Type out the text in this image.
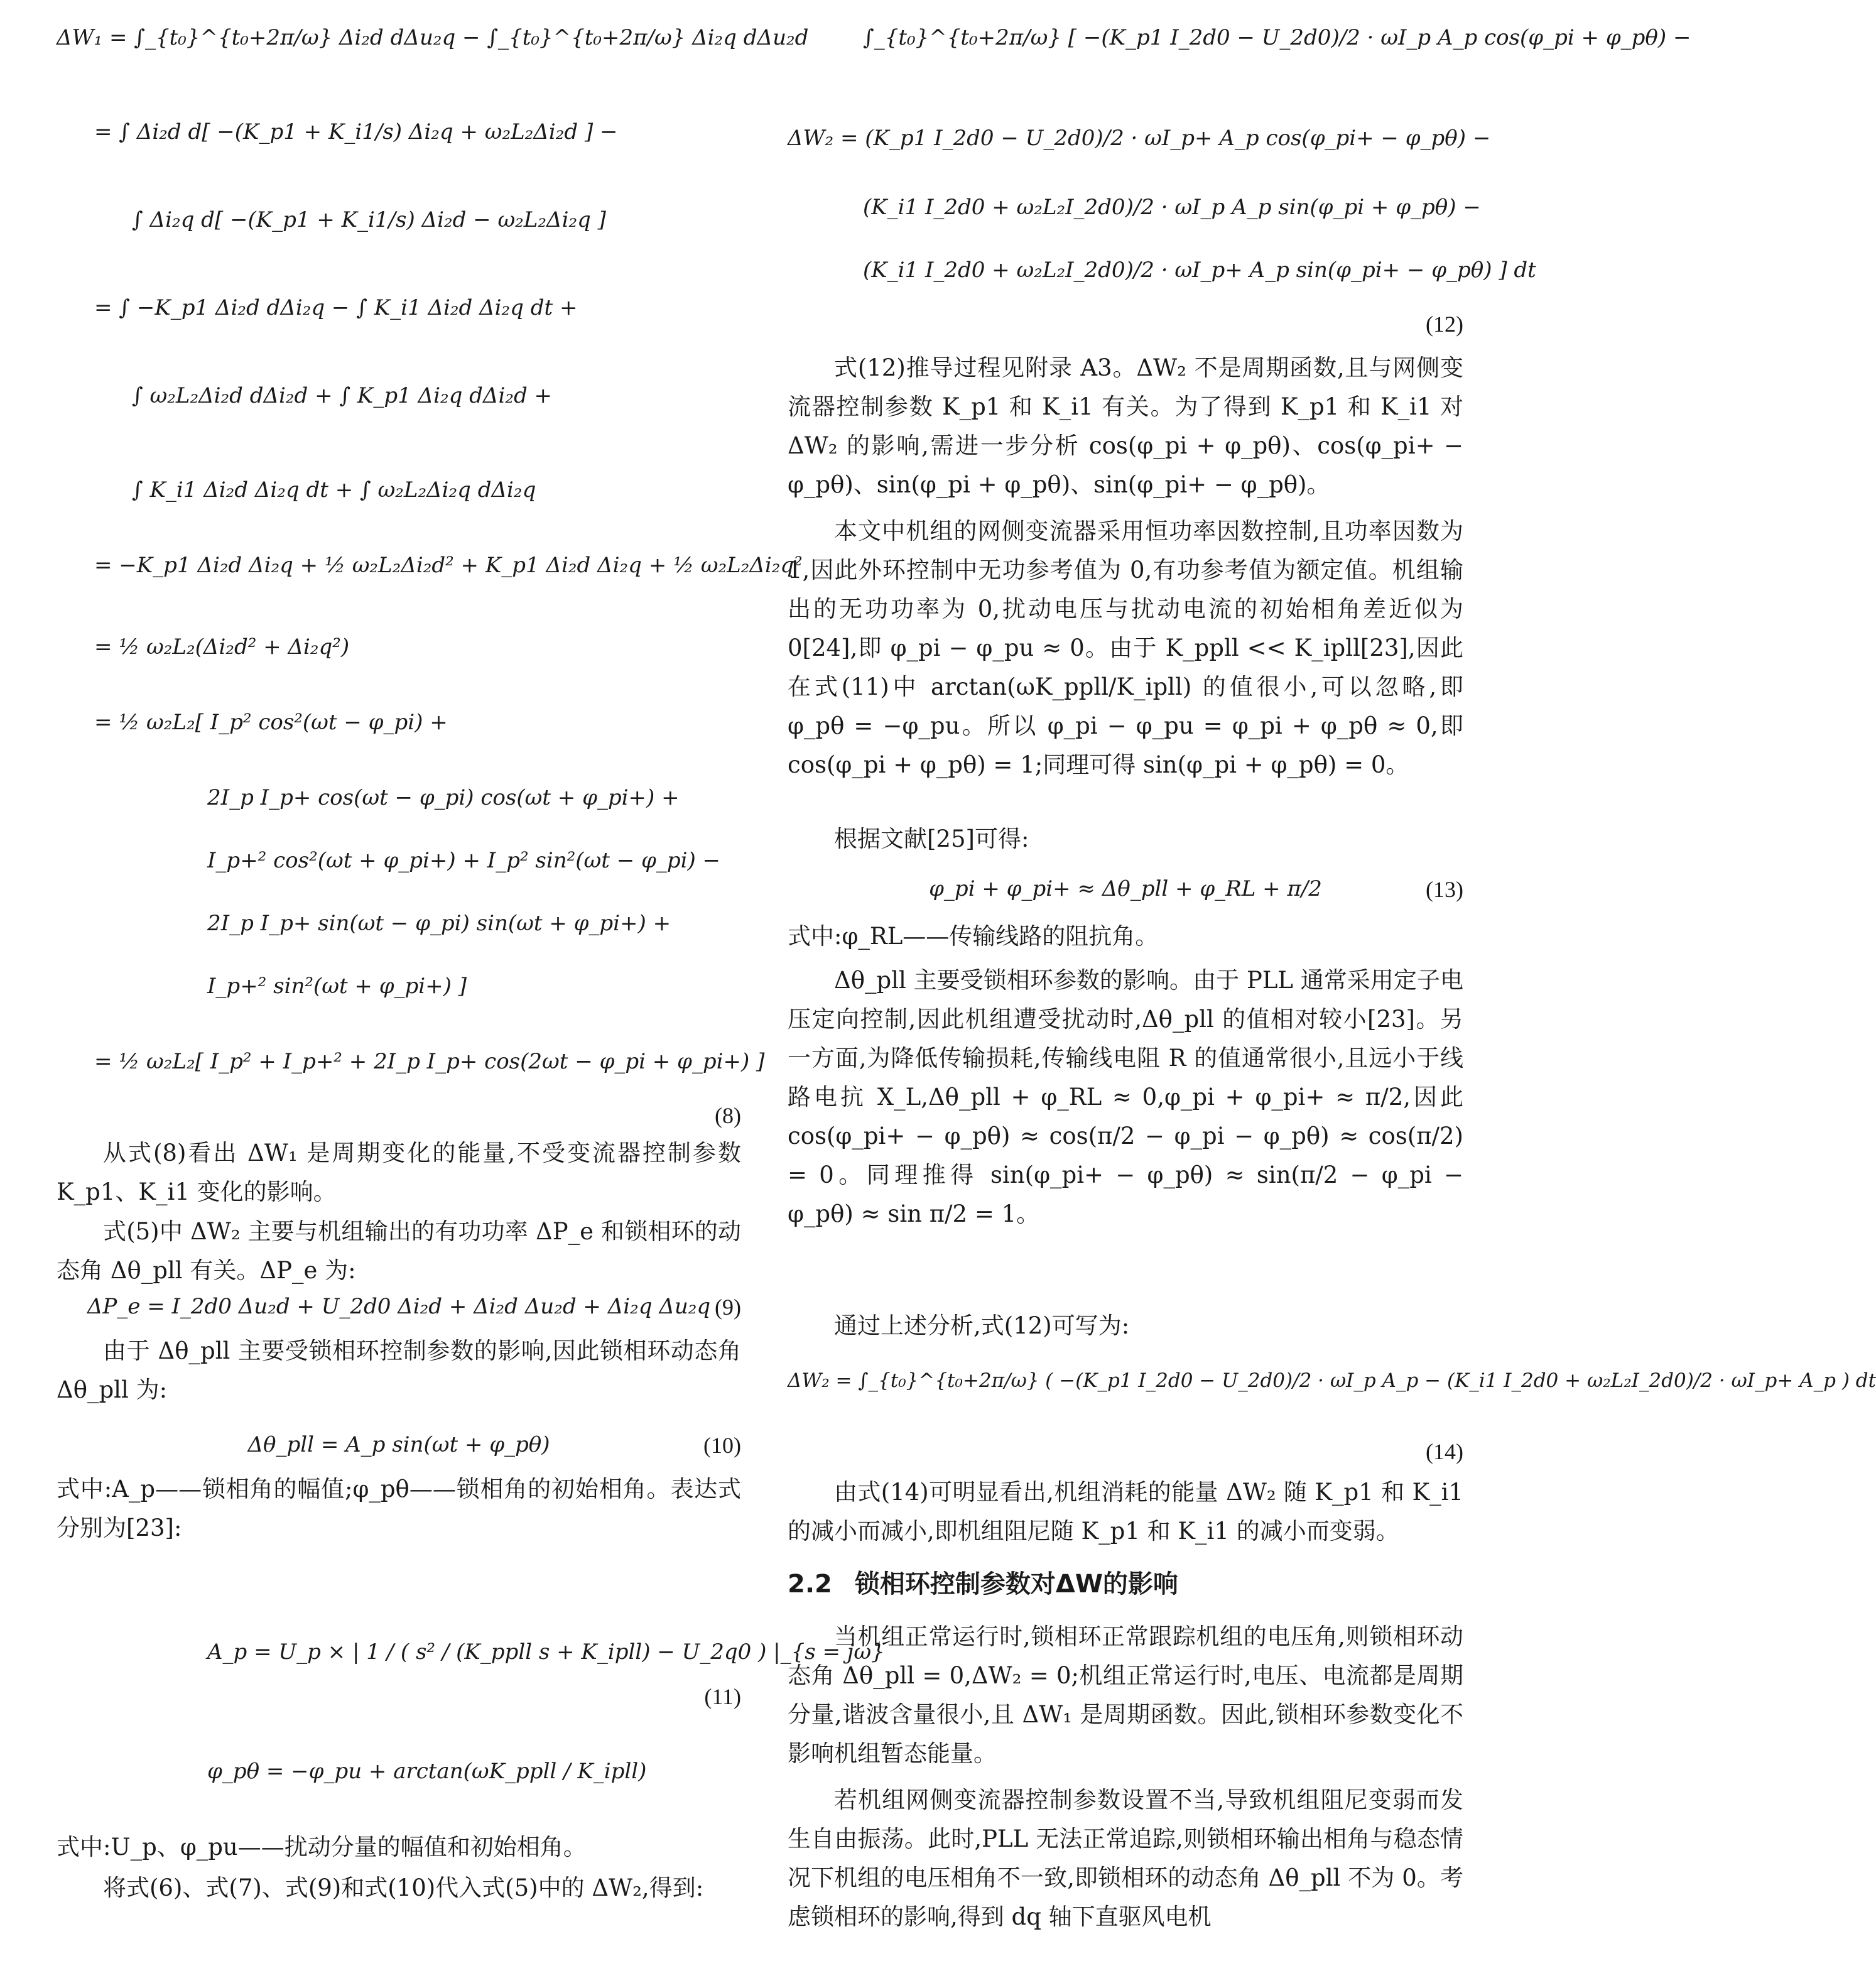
ΔW₁ = ∫_{t₀}^{t₀+2π/ω} Δi₂d dΔu₂q − ∫_{t₀}^{t₀+2π/ω} Δi₂q dΔu₂d
= ∫ Δi₂d d[ −(K_p1 + K_i1/s) Δi₂q + ω₂L₂Δi₂d ] −
∫ Δi₂q d[ −(K_p1 + K_i1/s) Δi₂d − ω₂L₂Δi₂q ]
= ∫ −K_p1 Δi₂d dΔi₂q − ∫ K_i1 Δi₂d Δi₂q dt +
∫ ω₂L₂Δi₂d dΔi₂d + ∫ K_p1 Δi₂q dΔi₂d +
∫ K_i1 Δi₂d Δi₂q dt + ∫ ω₂L₂Δi₂q dΔi₂q
= −K_p1 Δi₂d Δi₂q + ½ ω₂L₂Δi₂d² + K_p1 Δi₂d Δi₂q + ½ ω₂L₂Δi₂q²
= ½ ω₂L₂(Δi₂d² + Δi₂q²)
= ½ ω₂L₂[ I_p² cos²(ωt − φ_pi) +
2I_p I_p+ cos(ωt − φ_pi) cos(ωt + φ_pi+) +
I_p+² cos²(ωt + φ_pi+) + I_p² sin²(ωt − φ_pi) −
2I_p I_p+ sin(ωt − φ_pi) sin(ωt + φ_pi+) +
I_p+² sin²(ωt + φ_pi+) ]
= ½ ω₂L₂[ I_p² + I_p+² + 2I_p I_p+ cos(2ωt − φ_pi + φ_pi+) ]
(8)
从式(8)看出 ΔW₁ 是周期变化的能量,不受变流器控制参数 K_p1、K_i1 变化的影响。
式(5)中 ΔW₂ 主要与机组输出的有功功率 ΔP_e 和锁相环的动态角 Δθ_pll 有关。ΔP_e 为:
ΔP_e = I_2d0 Δu₂d + U_2d0 Δi₂d + Δi₂d Δu₂d + Δi₂q Δu₂q (9)
由于 Δθ_pll 主要受锁相环控制参数的影响,因此锁相环动态角 Δθ_pll 为:
Δθ_pll = A_p sin(ωt + φ_pθ)	(10)
式中:A_p——锁相角的幅值;φ_pθ——锁相角的初始相角。表达式分别为[23]:
A_p = U_p × | 1 / ( s² / (K_ppll s + K_ipll) − U_2q0 ) |_{s = jω}
φ_pθ = −φ_pu + arctan(ωK_ppll / K_ipll)
(11)
式中:U_p、φ_pu——扰动分量的幅值和初始相角。
将式(6)、式(7)、式(9)和式(10)代入式(5)中的 ΔW₂,得到:
∫_{t₀}^{t₀+2π/ω} [ −(K_p1 I_2d0 − U_2d0)/2 · ωI_p A_p cos(φ_pi + φ_pθ) −
ΔW₂ = (K_p1 I_2d0 − U_2d0)/2 · ωI_p+ A_p cos(φ_pi+ − φ_pθ) −
(K_i1 I_2d0 + ω₂L₂I_2d0)/2 · ωI_p A_p sin(φ_pi + φ_pθ) −
(K_i1 I_2d0 + ω₂L₂I_2d0)/2 · ωI_p+ A_p sin(φ_pi+ − φ_pθ) ] dt
(12)
式(12)推导过程见附录 A3。ΔW₂ 不是周期函数,且与网侧变流器控制参数 K_p1 和 K_i1 有关。为了得到 K_p1 和 K_i1 对 ΔW₂ 的影响,需进一步分析 cos(φ_pi + φ_pθ)、cos(φ_pi+ − φ_pθ)、sin(φ_pi + φ_pθ)、sin(φ_pi+ − φ_pθ)。
本文中机组的网侧变流器采用恒功率因数控制,且功率因数为 1,因此外环控制中无功参考值为 0,有功参考值为额定值。机组输出的无功功率为 0,扰动电压与扰动电流的初始相角差近似为 0[24],即 φ_pi − φ_pu ≈ 0。由于 K_ppll << K_ipll[23],因此在式(11)中 arctan(ωK_ppll/K_ipll) 的值很小,可以忽略,即 φ_pθ = −φ_pu。所以 φ_pi − φ_pu = φ_pi + φ_pθ ≈ 0,即 cos(φ_pi + φ_pθ) = 1;同理可得 sin(φ_pi + φ_pθ) = 0。
根据文献[25]可得:
φ_pi + φ_pi+ ≈ Δθ_pll + φ_RL + π/2	(13)
式中:φ_RL——传输线路的阻抗角。
Δθ_pll 主要受锁相环参数的影响。由于 PLL 通常采用定子电压定向控制,因此机组遭受扰动时,Δθ_pll 的值相对较小[23]。另一方面,为降低传输损耗,传输线电阻 R 的值通常很小,且远小于线路电抗 X_L,Δθ_pll + φ_RL ≈ 0,φ_pi + φ_pi+ ≈ π/2,因此 cos(φ_pi+ − φ_pθ) ≈ cos(π/2 − φ_pi − φ_pθ) ≈ cos(π/2) = 0。同理推得 sin(φ_pi+ − φ_pθ) ≈ sin(π/2 − φ_pi − φ_pθ) ≈ sin π/2 = 1。
通过上述分析,式(12)可写为:
ΔW₂ = ∫_{t₀}^{t₀+2π/ω} ( −(K_p1 I_2d0 − U_2d0)/2 · ωI_p A_p − (K_i1 I_2d0 + ω₂L₂I_2d0)/2 · ωI_p+ A_p ) dt
(14)
由式(14)可明显看出,机组消耗的能量 ΔW₂ 随 K_p1 和 K_i1 的减小而减小,即机组阻尼随 K_p1 和 K_i1 的减小而变弱。
2.2 锁相环控制参数对ΔW的影响
当机组正常运行时,锁相环正常跟踪机组的电压角,则锁相环动态角 Δθ_pll = 0,ΔW₂ = 0;机组正常运行时,电压、电流都是周期分量,谐波含量很小,且 ΔW₁ 是周期函数。因此,锁相环参数变化不影响机组暂态能量。
若机组网侧变流器控制参数设置不当,导致机组阻尼变弱而发生自由振荡。此时,PLL 无法正常追踪,则锁相环输出相角与稳态情况下机组的电压相角不一致,即锁相环的动态角 Δθ_pll 不为 0。考虑锁相环的影响,得到 dq 轴下直驱风电机
